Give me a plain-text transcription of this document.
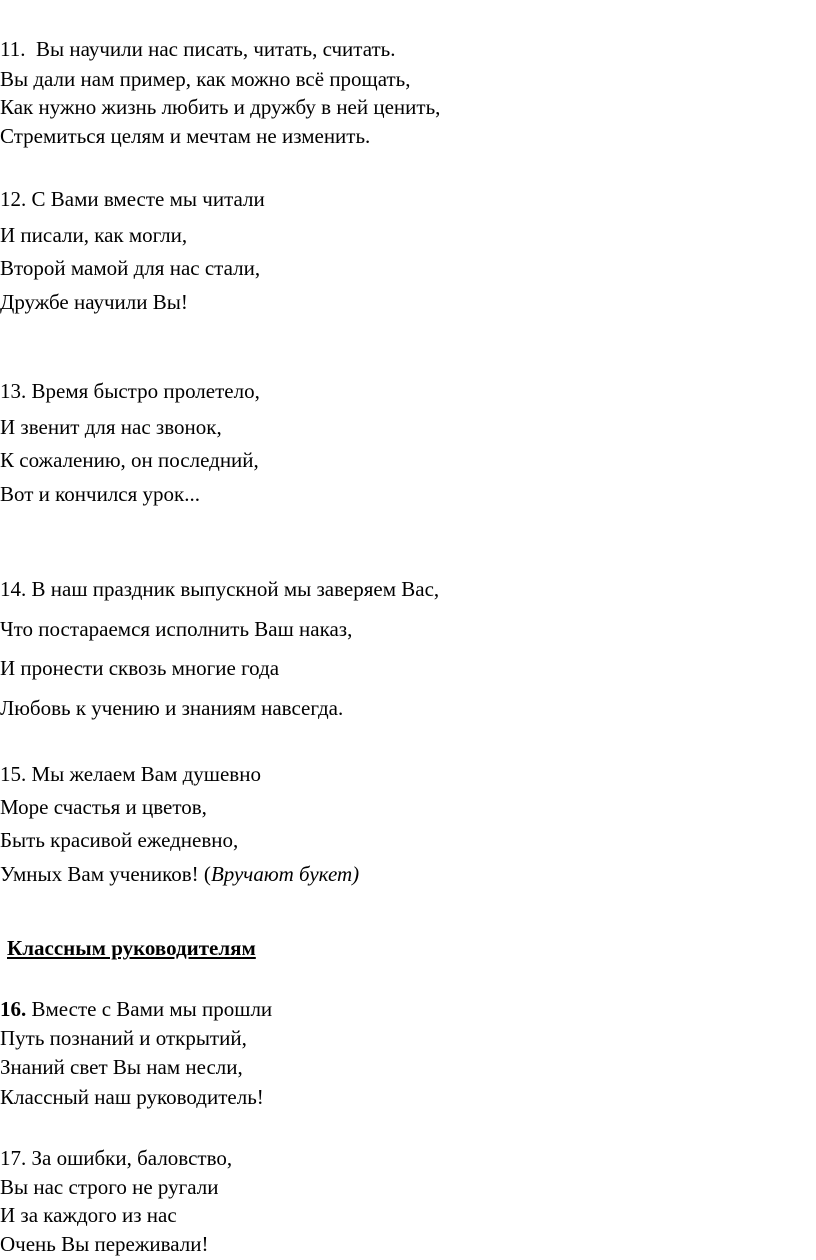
11.  Вы научили нас писать, читать, считать.
Вы дали нам пример, как можно всё прощать,
Как нужно жизнь любить и дружбу в ней ценить,
Стремиться целям и мечтам не изменить.
12. С Вами вместе мы читали
И писали, как могли,
Второй мамой для нас стали,
Дружбе научили Вы!
13. Время быстро пролетело,
И звенит для нас звонок,
К сожалению, он последний,
Вот и кончился урок...
14. В наш праздник выпускной мы заверяем Вас,
Что постараемся исполнить Ваш наказ,
И пронести сквозь многие года
Любовь к учению и знаниям навсегда.
15. Мы желаем Вам душевно
Море счастья и цветов,
Быть красивой ежедневно,
Умных Вам учеников! (Вручают букет)
Классным руководителям
16. Вместе с Вами мы прошли
Путь познаний и открытий,
Знаний свет Вы нам несли,
Классный наш руководитель!
17. За ошибки, баловство,
Вы нас строго не ругали
И за каждого из нас
Очень Вы переживали!
